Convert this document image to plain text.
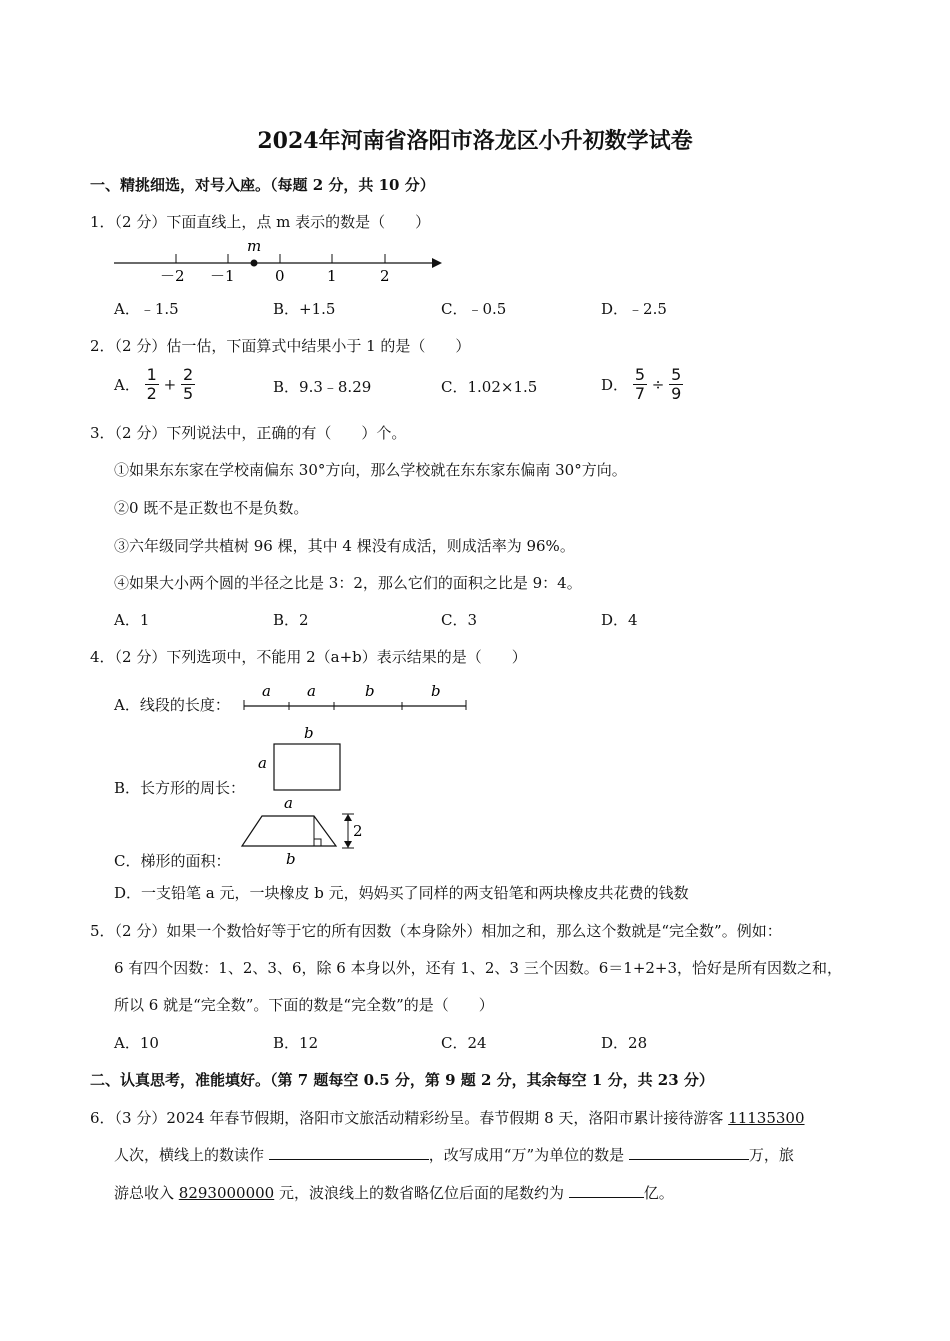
2024年河南省洛阳市洛龙区小升初数学试卷
一、精挑细选，对号入座。（每题 2 分，共 10 分）
1．（2 分）下面直线上，点 m 表示的数是（　　）
m
－2 －1	0	1	2
A．﹣1.5	B．+1.5	C．﹣0.5	D．﹣2.5
2．（2 分）估一估，下面算式中结果小于 1 的是（　　）
A． $\frac{1}{2} + \frac{2}{5}$	B．9.3﹣8.29	C．1.02×1.5	D． $\frac{5}{7} \div \frac{5}{9}$
3．（2 分）下列说法中，正确的有（　　）个。
①如果东东家在学校南偏东 30°方向，那么学校就在东东家东偏南 30°方向。
②0 既不是正数也不是负数。
③六年级同学共植树 96 棵，其中 4 棵没有成活，则成活率为 96%。
④如果大小两个圆的半径之比是 3：2，那么它们的面积之比是 9：4。
A．1	B．2	C．3	D．4
4．（2 分）下列选项中，不能用 2（a+b）表示结果的是（　　）
A．线段的长度：
a a	b	b
b
a
B．长方形的周长：
2
a
b
C．梯形的面积：
D．一支铅笔 a 元，一块橡皮 b 元，妈妈买了同样的两支铅笔和两块橡皮共花费的钱数
5．（2 分）如果一个数恰好等于它的所有因数（本身除外）相加之和，那么这个数就是“完全数”。例如：
6 有四个因数：1、2、3、6，除 6 本身以外，还有 1、2、3 三个因数。6＝1+2+3，恰好是所有因数之和，
所以 6 就是“完全数”。下面的数是“完全数”的是（　　）
A．10	B．12	C．24	D．28
二、认真思考，准能填好。（第 7 题每空 0.5 分，第 9 题 2 分，其余每空 1 分，共 23 分）
6．（3 分）2024 年春节假期，洛阳市文旅活动精彩纷呈。春节假期 8 天，洛阳市累计接待游客 11135300
人次，横线上的数读作	，改写成用“万”为单位的数是	万，旅
游总收入 8293000000 元，波浪线上的数省略亿位后面的尾数约为	亿。
